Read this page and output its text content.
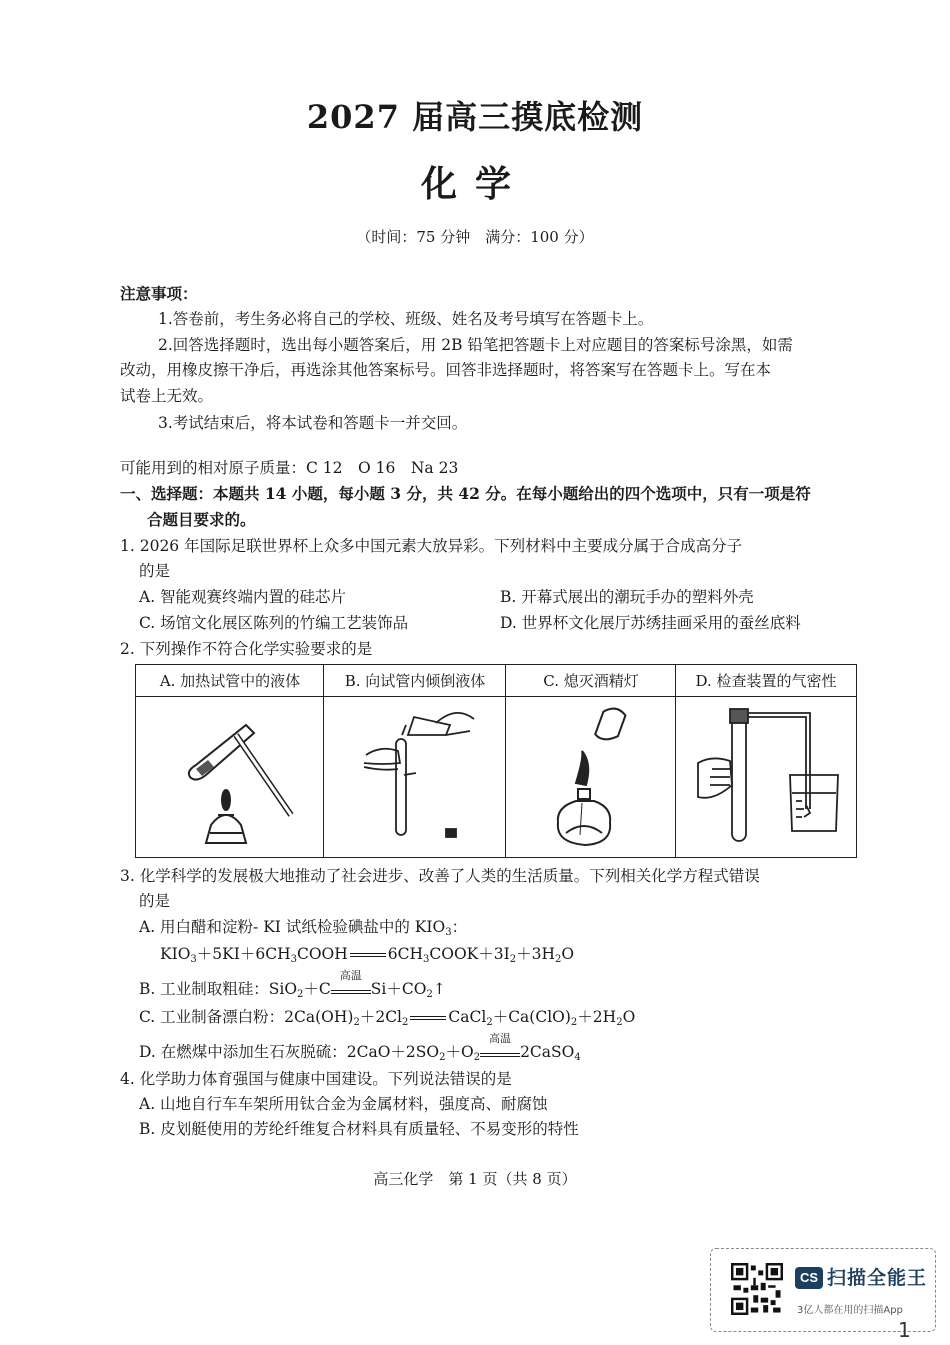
2027 届高三摸底检测
化学
（时间：75 分钟　满分：100 分）
注意事项：
1.答卷前，考生务必将自己的学校、班级、姓名及考号填写在答题卡上。
2.回答选择题时，选出每小题答案后，用 2B 铅笔把答题卡上对应题目的答案标号涂黑，如需
改动，用橡皮擦干净后，再选涂其他答案标号。回答非选择题时，将答案写在答题卡上。写在本
试卷上无效。
3.考试结束后，将本试卷和答题卡一并交回。
可能用到的相对原子质量：C 12　O 16　Na 23
一、选择题：本题共 14 小题，每小题 3 分，共 42 分。在每小题给出的四个选项中，只有一项是符
合题目要求的。
1. 2026 年国际足联世界杯上众多中国元素大放异彩。下列材料中主要成分属于合成高分子
的是
A. 智能观赛终端内置的硅芯片	B. 开幕式展出的潮玩手办的塑料外壳
C. 场馆文化展区陈列的竹编工艺装饰品	D. 世界杯文化展厅苏绣挂画采用的蚕丝底料
2. 下列操作不符合化学实验要求的是
A. 加热试管中的液体	B. 向试管内倾倒液体	C. 熄灭酒精灯	D. 检查装置的气密性
3. 化学科学的发展极大地推动了社会进步、改善了人类的生活质量。下列相关化学方程式错误
的是
A. 用白醋和淀粉- KI 试纸检验碘盐中的 $KIO_3$：
$KIO_3+5KI+6CH_3COOH$	$6CH_3COOK+3I_2+3H_2O$
B. 工业制取粗硅：SiO$_2$＋C
高温
$Si+CO_2↑$
C. 工业制备漂白粉：$2Ca(OH)_2+2Cl_2$	$CaCl_2+Ca(ClO)_2+2H_2O$
D. 在燃煤中添加生石灰脱硫：$2CaO+2SO_2+O_2$
高温
2CaSO$_4$
4. 化学助力体育强国与健康中国建设。下列说法错误的是
A. 山地自行车车架所用钛合金为金属材料，强度高、耐腐蚀
B. 皮划艇使用的芳纶纤维复合材料具有质量轻、不易变形的特性
高三化学　第 1 页（共 8 页）
CS 扫描全能王
3亿人都在用的扫描App
1
